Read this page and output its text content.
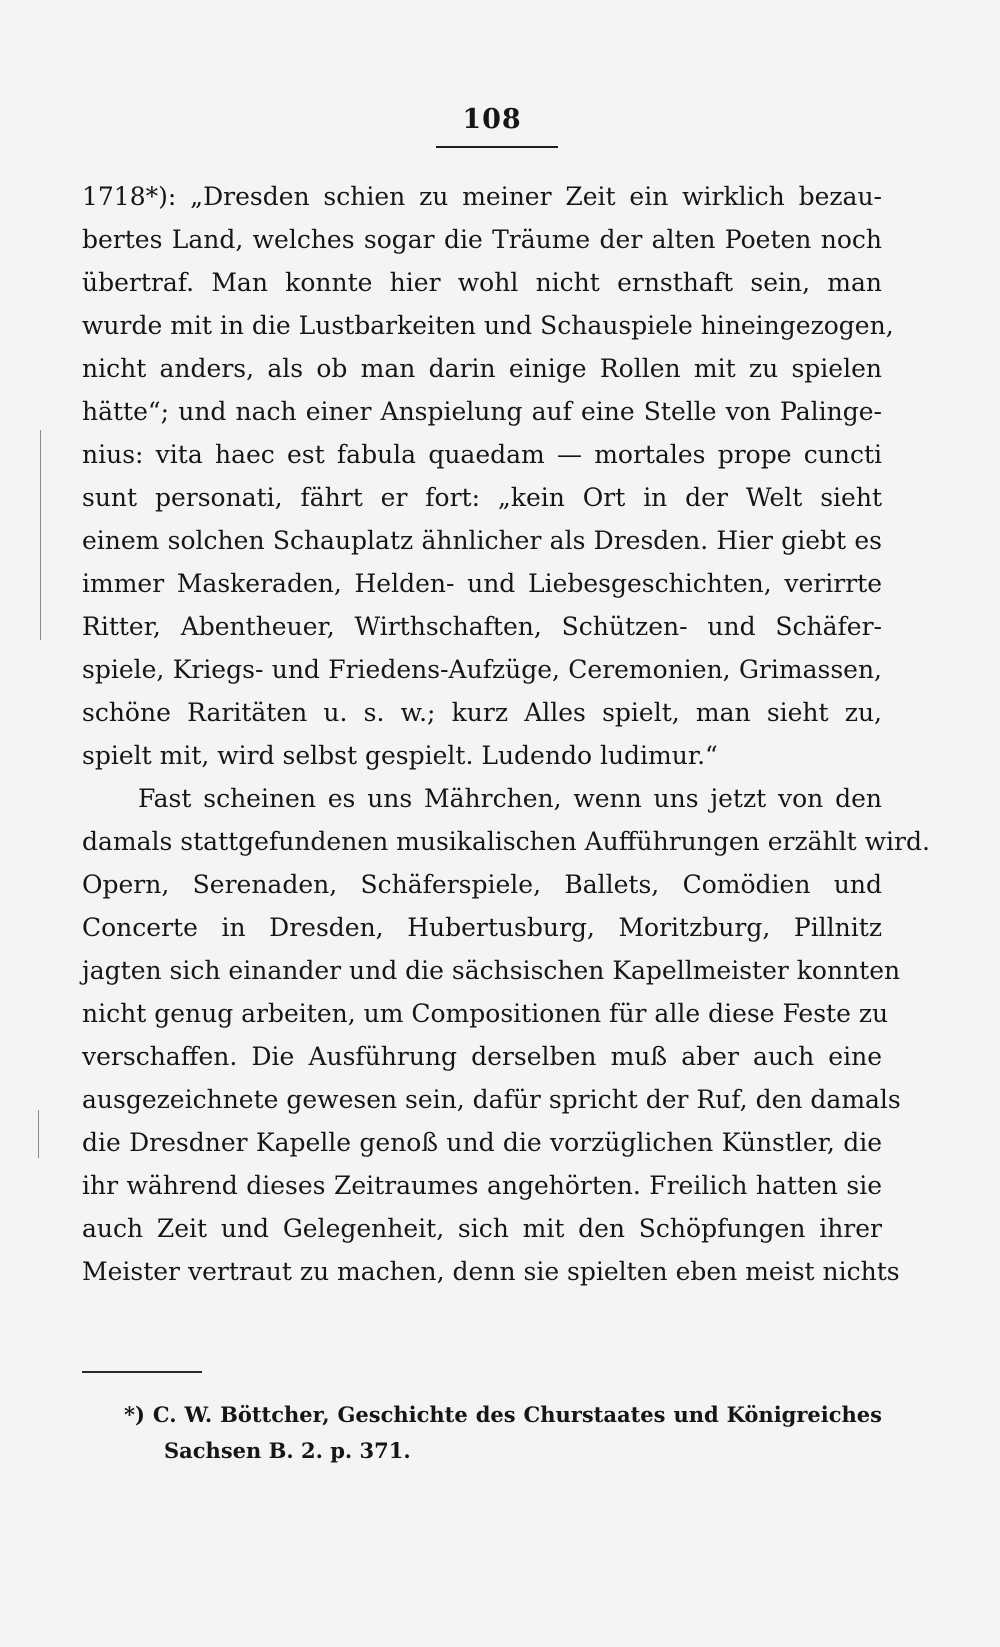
108
1718*): „Dresden schien zu meiner Zeit ein wirklich bezau-
bertes Land, welches sogar die Träume der alten Poeten noch
übertraf. Man konnte hier wohl nicht ernsthaft sein, man
wurde mit in die Lustbarkeiten und Schauspiele hineingezogen,
nicht anders, als ob man darin einige Rollen mit zu spielen
hätte“; und nach einer Anspielung auf eine Stelle von Palinge-
nius: vita haec est fabula quaedam — mortales prope cuncti
sunt personati, fährt er fort: „kein Ort in der Welt sieht
einem solchen Schauplatz ähnlicher als Dresden. Hier giebt es
immer Maskeraden, Helden- und Liebesgeschichten, verirrte
Ritter, Abentheuer, Wirthschaften, Schützen- und Schäfer-
spiele, Kriegs- und Friedens-Aufzüge, Ceremonien, Grimassen,
schöne Raritäten u. s. w.; kurz Alles spielt, man sieht zu,
spielt mit, wird selbst gespielt. Ludendo ludimur.“
Fast scheinen es uns Mährchen, wenn uns jetzt von den
damals stattgefundenen musikalischen Aufführungen erzählt wird.
Opern, Serenaden, Schäferspiele, Ballets, Comödien und
Concerte in Dresden, Hubertusburg, Moritzburg, Pillnitz
jagten sich einander und die sächsischen Kapellmeister konnten
nicht genug arbeiten, um Compositionen für alle diese Feste zu
verschaffen. Die Ausführung derselben muß aber auch eine
ausgezeichnete gewesen sein, dafür spricht der Ruf, den damals
die Dresdner Kapelle genoß und die vorzüglichen Künstler, die
ihr während dieses Zeitraumes angehörten. Freilich hatten sie
auch Zeit und Gelegenheit, sich mit den Schöpfungen ihrer
Meister vertraut zu machen, denn sie spielten eben meist nichts
*) C. W. Böttcher, Geschichte des Churstaates und Königreiches
Sachsen B. 2. p. 371.
